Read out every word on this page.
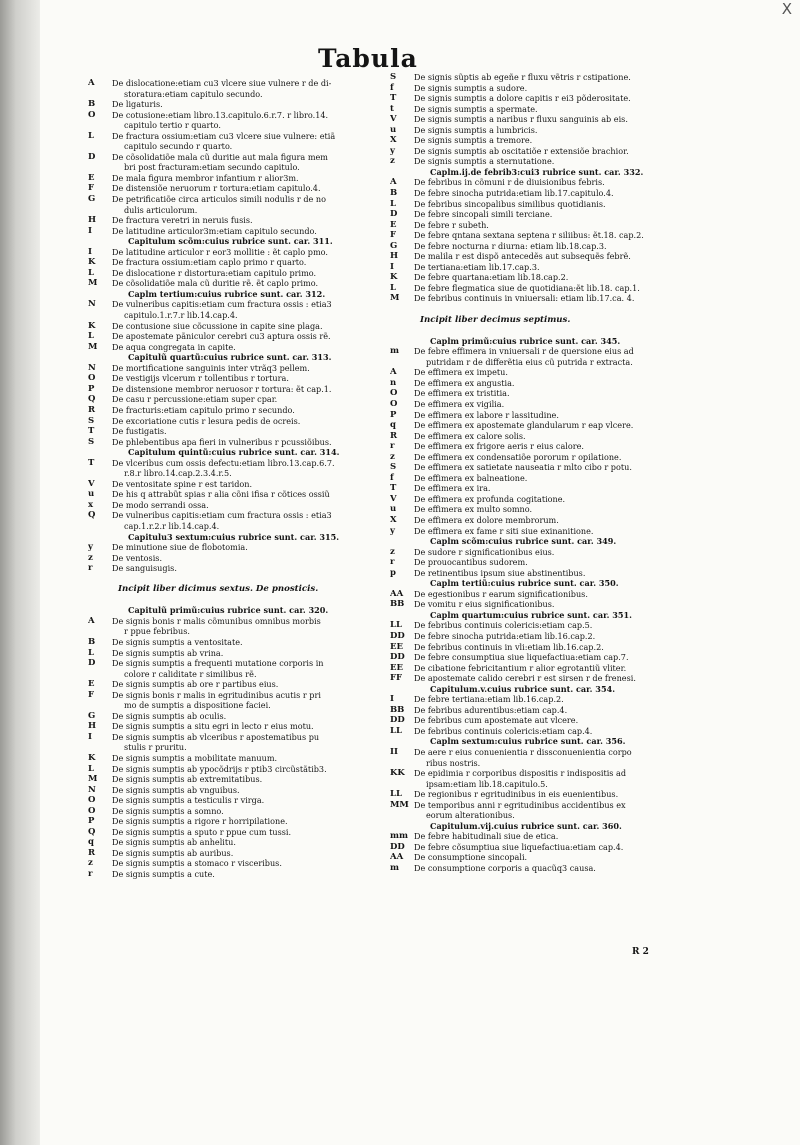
X
Tabula
A	De dislocatione:etiam cu3 vlcere siue vulnere r de di-
storatura:etiam capitulo secundo.
B	De ligaturis.
O	De cotusione:etiam libro.13.capitulo.6.r.7. r libro.14.
capitulo tertio r quarto.
L	De fractura ossium:etiam cu3 vlcere siue vulnere: etiã
capitulo secundo r quarto.
D	De cõsolidatiõe mala cũ duritie aut mala figura mem
bri post fracturam:etiam secundo capitulo.
E	De mala figura membror infantium r alior3m.
F	De distensiõe neruorum r tortura:etiam capitulo.4.
G	De petrificatiõe circa articulos simili nodulis r de no
dulis articulorum.
H	De fractura veretri in neruis fusis.
I	De latitudine articulor3m:etiam capitulo secundo.
Capitulum scõm:cuius rubrice sunt. car. 311.
I	De latitudine articulor r eor3 mollitie : ẽt caplo pmo.
K	De fractura ossium:etiam caplo primo r quarto.
L	De dislocatione r distortura:etiam capitulo primo.
M	De cõsolidatiõe mala cũ duritie rẽ. ẽt caplo primo.
Caplm tertium:cuius rubrice sunt. car. 312.
N	De vulneribus capitis:etiam cum fractura ossis : etia3
capitulo.1.r.7.r lib.14.cap.4.
K	De contusione siue cõcussione in capite sine plaga.
L	De apostemate pãniculor cerebri cu3 aptura ossis rẽ.
M	De aqua congregata in capite.
Capitulũ quartũ:cuius rubrice sunt. car. 313.
N	De mortificatione sanguinis inter vtrãq3 pellem.
O	De vestigijs vlcerum r tollentibus r tortura.
P	De distensione membror neruosor r tortura: ẽt cap.1.
Q	De casu r percussione:etiam super cpar.
R	De fracturis:etiam capitulo primo r secundo.
S	De excoriatione cutis r lesura pedis de ocreis.
T	De fustigatis.
S	De phlebentibus apa fieri in vulneribus r pcussiõibus.
Capitulum quintũ:cuius rubrice sunt. car. 314.
T	De vlceribus cum ossis defectu:etiam libro.13.cap.6.7.
r.8.r libro.14.cap.2.3.4.r.5.
V	De ventositate spine r est taridon.
u	De his q attrabũt spias r alia cõni ifisa r cõtices ossiũ
x	De modo serrandi ossa.
Q	De vulneribus capitis:etiam cum fractura ossis : etia3
cap.1.r.2.r lib.14.cap.4.
Capitulu3 sextum:cuius rubrice sunt. car. 315.
y	De minutione siue de flobotomia.
z	De ventosis.
r	De sanguisugis.
Incipit liber dicimus sextus. De pnosticis.
Capitulũ primũ:cuius rubrice sunt. car. 320.
A	De signis bonis r malis cõmunibus omnibus morbis
r ppue febribus.
B	De signis sumptis a ventositate.
L	De signis sumptis ab vrina.
D	De signis sumptis a frequenti mutatione corporis in
colore r caliditate r similibus rẽ.
E	De signis sumptis ab ore r partibus eius.
F	De signis bonis r malis in egritudinibus acutis r pri
mo de sumptis a dispositione faciei.
G	De signis sumptis ab oculis.
H	De signis sumptis a situ egri in lecto r eius motu.
I	De signis sumptis ab vlceribus r apostematibus pu
stulis r pruritu.
K	De signis sumptis a mobilitate manuum.
L	De signis sumptis ab ypocõdrijs r ptib3 circũstãtib3.
M	De signis sumptis ab extremitatibus.
N	De signis sumptis ab vnguibus.
O	De signis sumptis a testiculis r virga.
O	De signis sumptis a somno.
P	De signis sumptis a rigore r horripilatione.
Q	De signis sumptis a sputo r ppue cum tussi.
q	De signis sumptis ab anhelitu.
R	De signis sumptis ab auribus.
z	De signis sumptis a stomaco r visceribus.
r	De signis sumptis a cute.
S	De signis sũptis ab egeñe r fluxu vẽtris r cstipatione.
f	De signis sumptis a sudore.
T	De signis sumptis a dolore capitis r ei3 põderositate.
t	De signis sumptis a spermate.
V	De signis sumptis a naribus r fluxu sanguinis ab eis.
u	De signis sumptis a lumbricis.
X	De signis sumptis a tremore.
y	De signis sumptis ab oscitatiõe r extensiõe brachior.
z	De signis sumptis a sternutatione.
Caplm.ij.de febrib3:cui3 rubrice sunt. car. 332.
A	De febribus in cõmuni r de diuisionibus febris.
B	De febre sinocha putrida:etiam lib.17.capitulo.4.
L	De febribus sincopalibus similibus quotidianis.
D	De febre sincopali simili terciane.
E	De febre r subeth.
F	De febre qntana sextana septena r siliibus: ẽt.18. cap.2.
G	De febre nocturna r diurna: etiam lib.18.cap.3.
H	De malila r est dispõ antecedẽs aut subsequẽs febrẽ.
I	De tertiana:etiam lib.17.cap.3.
K	De febre quartana:etiam lib.18.cap.2.
L	De febre flegmatica siue de quotidiana:ẽt lib.18. cap.1.
M	De febribus continuis in vniuersali: etiam lib.17.ca. 4.
Incipit liber decimus septimus.
Caplm primũ:cuius rubrice sunt. car. 345.
m	De febre effimera in vniuersali r de quersione eius ad
putridam r de differẽtia eius cũ putrida r extracta.
A	De effimera ex impetu.
n	De effimera ex angustia.
O	De effimera ex tristitia.
O	De effimera ex vigilia.
P	De effimera ex labore r lassitudine.
q	De effimera ex apostemate glandularum r eap vlcere.
R	De effimera ex calore solis.
r	De effimera ex frigore aeris r eius calore.
z	De effimera ex condensatiõe pororum r opilatione.
S	De effimera ex satietate nauseatia r mlto cibo r potu.
f	De effimera ex balneatione.
T	De effimera ex ira.
V	De effimera ex profunda cogitatione.
u	De effimera ex multo somno.
X	De effimera ex dolore membrorum.
y	De effimera ex fame r siti siue exinanitione.
Caplm scõm:cuius rubrice sunt. car. 349.
z	De sudore r significationibus eius.
r	De prouocantibus sudorem.
p	De retinentibus ipsum siue abstinentibus.
Caplm tertiũ:cuius rubrice sunt. car. 350.
AA	De egestionibus r earum significationibus.
BB	De vomitu r eius significationibus.
Caplm quartum:cuius rubrice sunt. car. 351.
LL	De febribus continuis colericis:etiam cap.5.
DD	De febre sinocha putrida:etiam lib.16.cap.2.
EE	De febribus continuis in vli:etiam lib.16.cap.2.
DD	De febre consumptiua siue liquefactiua:etiam cap.7.
EE	De cibatione febricitantium r alior egrotantiũ vliter.
FF	De apostemate calido cerebri r est sirsen r de frenesi.
Capitulum.v.cuius rubrice sunt. car. 354.
I	De febre tertiana:etiam lib.16.cap.2.
BB	De febribus adurentibus:etiam cap.4.
DD	De febribus cum apostemate aut vlcere.
LL	De febribus continuis colericis:etiam cap.4.
Caplm sextum:cuius rubrice sunt. car. 356.
II	De aere r eius conuenientia r dissconuenientia corpo
ribus nostris.
KK	De epidimia r corporibus dispositis r indispositis ad
ipsam:etiam lib.18.capitulo.5.
LL	De regionibus r egritudinibus in eis euenientibus.
MM De temporibus anni r egritudinibus accidentibus ex
eorum alterationibus.
Capitulum.vij.cuius rubrice sunt. car. 360.
mm De febre habitudinali siue de etica.
DD	De febre cõsumptiua siue liquefactiua:etiam cap.4.
AA	De consumptione sincopali.
m	De consumptione corporis a quacũq3 causa.
R 2
